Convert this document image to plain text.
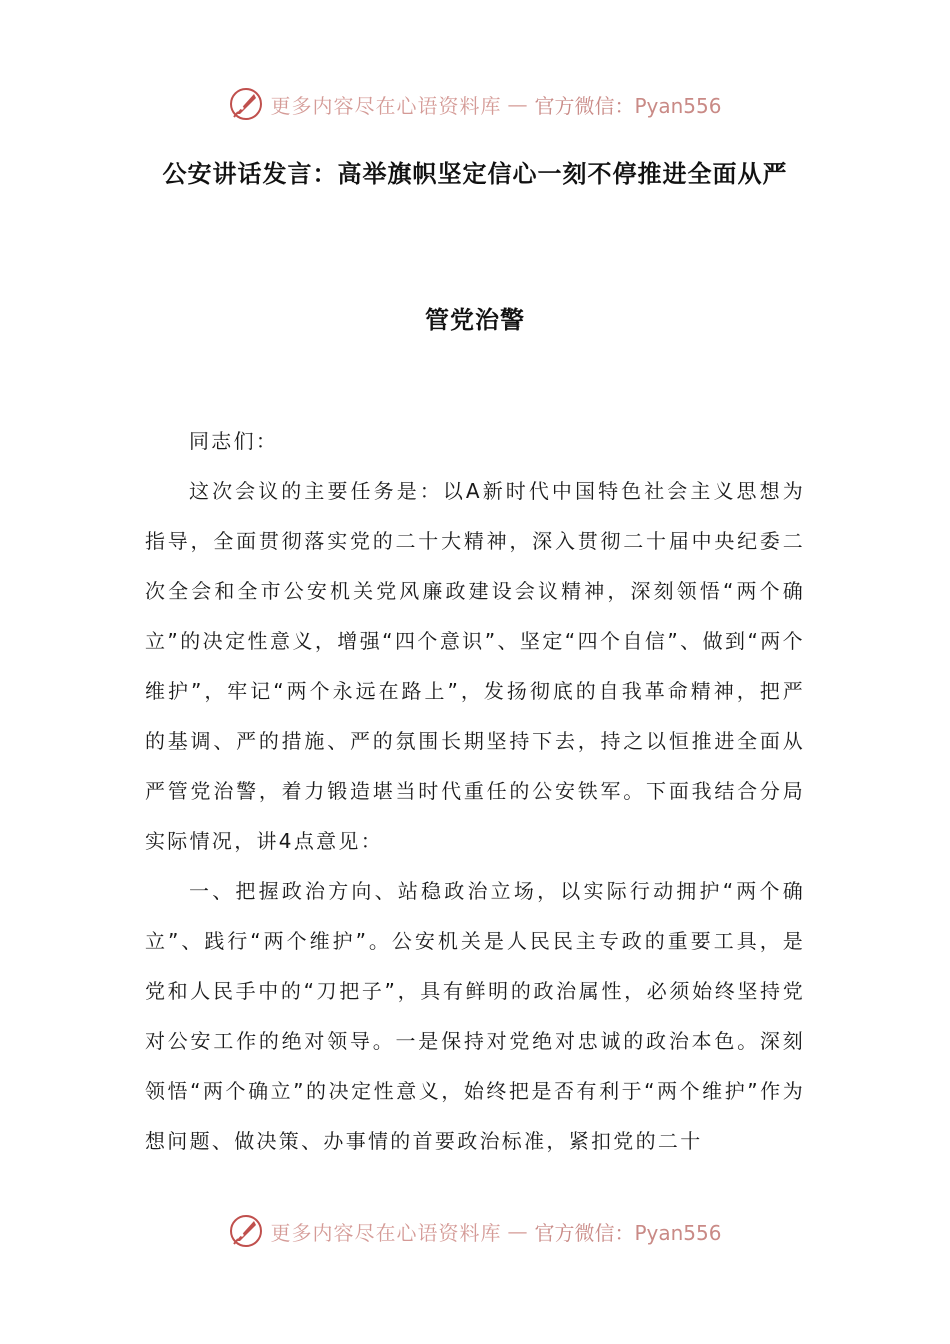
更多内容尽在心语资料库 — 官方微信：Pyan556
公安讲话发言：高举旗帜坚定信心一刻不停推进全面从严
管党治警

同志们：

这次会议的主要任务是：以A新时代中国特色社会主义思想为指导，全面贯彻落实党的二十大精神，深入贯彻二十届中央纪委二次全会和全市公安机关党风廉政建设会议精神，深刻领悟“两个确立”的决定性意义，增强“四个意识”、坚定“四个自信”、做到“两个维护”，牢记“两个永远在路上”，发扬彻底的自我革命精神，把严的基调、严的措施、严的氛围长期坚持下去，持之以恒推进全面从严管党治警，着力锻造堪当时代重任的公安铁军。下面我结合分局实际情况，讲4点意见：

一、把握政治方向、站稳政治立场，以实际行动拥护“两个确立”、践行“两个维护”。公安机关是人民民主专政的重要工具，是党和人民手中的“刀把子”，具有鲜明的政治属性，必须始终坚持党对公安工作的绝对领导。一是保持对党绝对忠诚的政治本色。深刻领悟“两个确立”的决定性意义，始终把是否有利于“两个维护”作为想问题、做决策、办事情的首要政治标准，紧扣党的二十

更多内容尽在心语资料库 — 官方微信：Pyan556
